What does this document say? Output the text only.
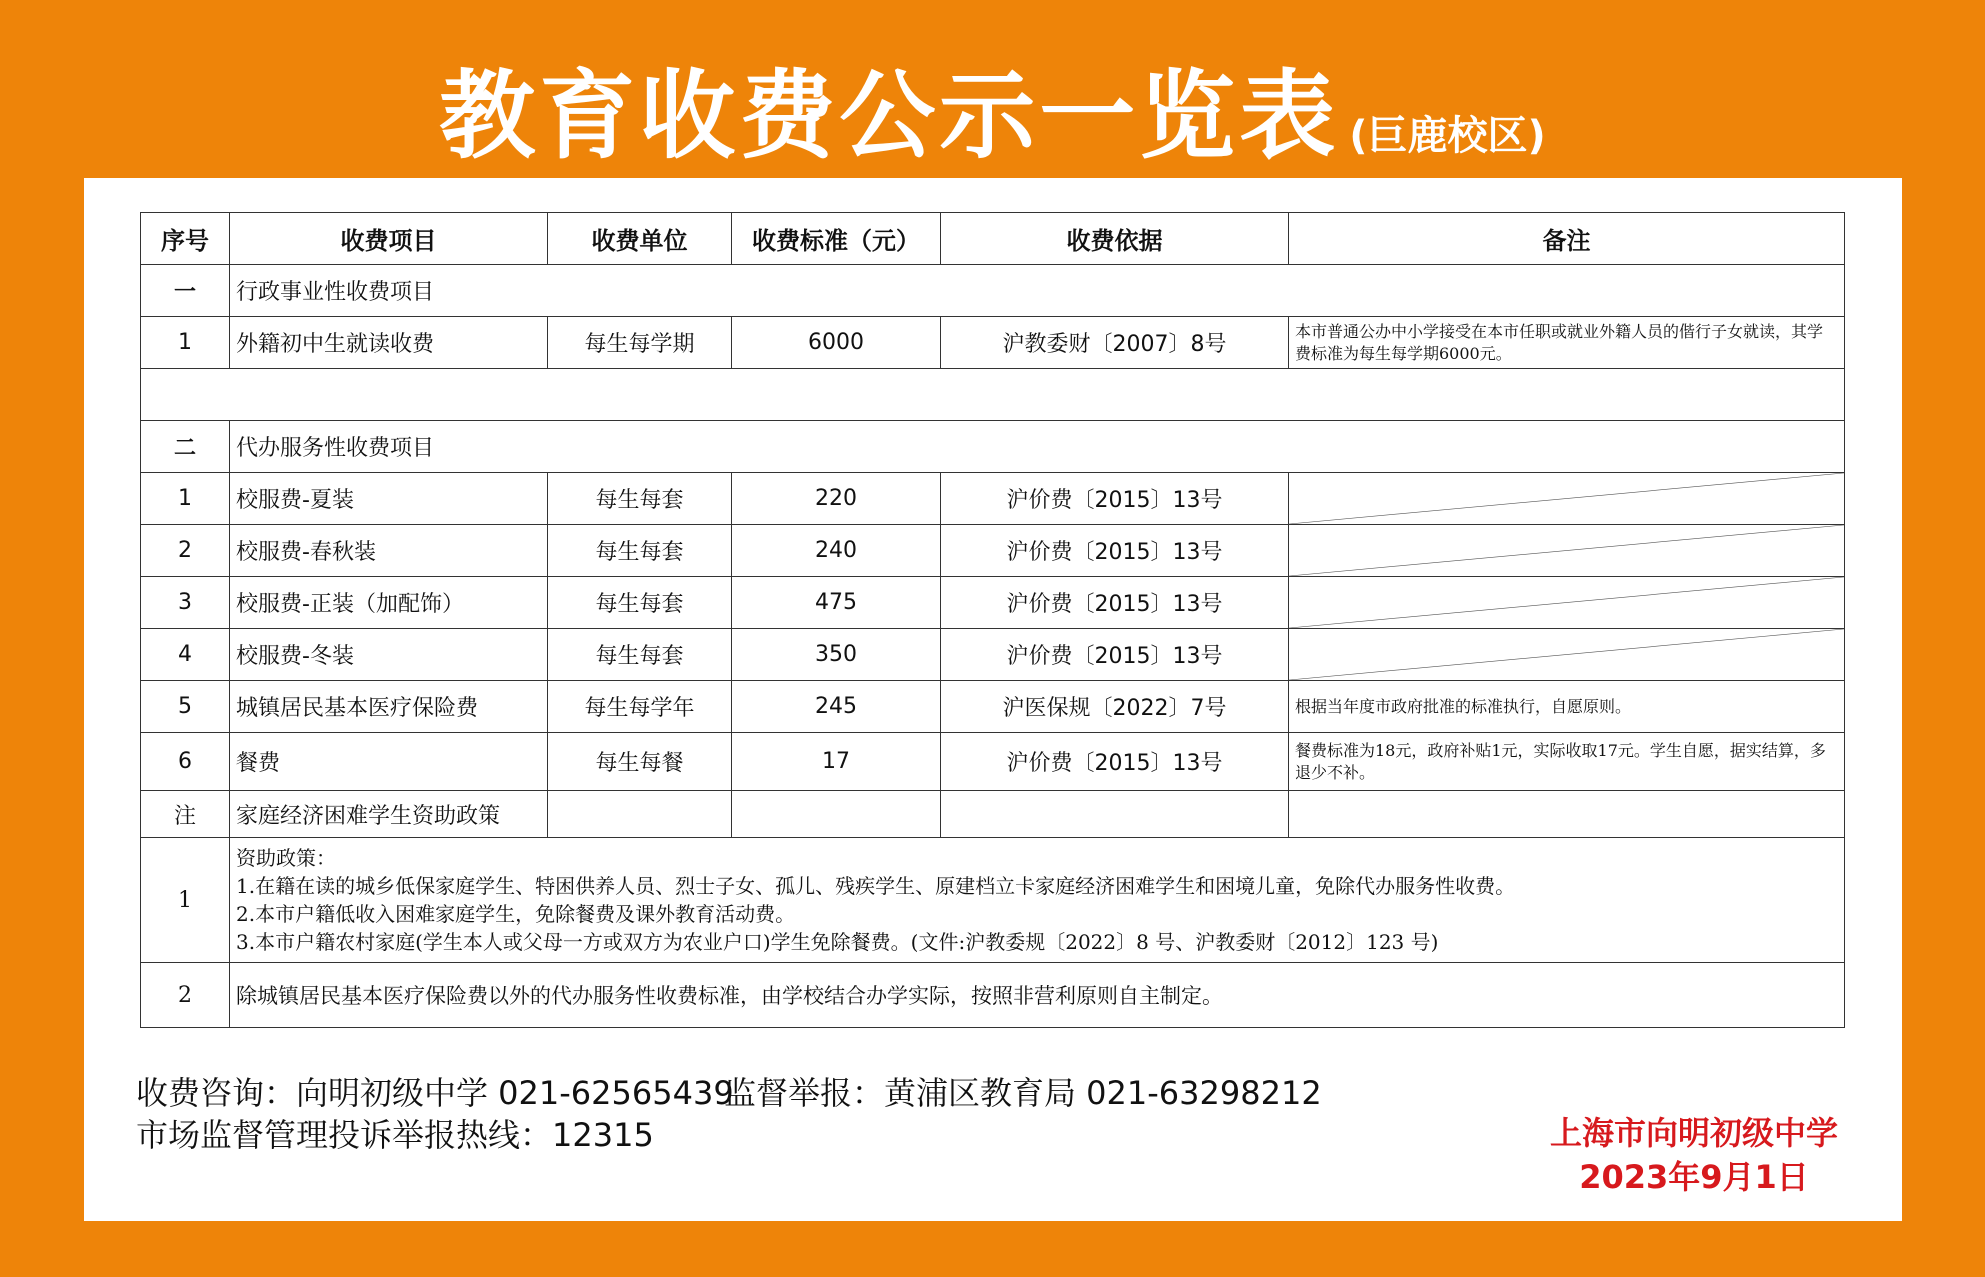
教育收费公示一览表 (巨鹿校区)
序号	收费项目	收费单位	收费标准（元）	收费依据	备注
一	行政事业性收费项目				
1	外籍初中生就读收费	每生每学期	6000	沪教委财〔2007〕8号	本市普通公办中小学接受在本市任职或就业外籍人员的偕行子女就读，其学费标准为每生每学期6000元。

二	代办服务性收费项目				
1	校服费-夏装	每生每套	220	沪价费〔2015〕13号	

2	校服费-春秋装	每生每套	240	沪价费〔2015〕13号	

3	校服费-正装（加配饰）	每生每套	475	沪价费〔2015〕13号	

4	校服费-冬装	每生每套	350	沪价费〔2015〕13号	

5	城镇居民基本医疗保险费	每生每学年	245	沪医保规〔2022〕7号	根据当年度市政府批准的标准执行，自愿原则。
6	餐费	每生每餐	17	沪价费〔2015〕13号	餐费标准为18元，政府补贴1元，实际收取17元。学生自愿，据实结算，多退少不补。
注	家庭经济困难学生资助政策				
1	资助政策：
1.在籍在读的城乡低保家庭学生、特困供养人员、烈士子女、孤儿、残疾学生、原建档立卡家庭经济困难学生和困境儿童，免除代办服务性收费。
2.本市户籍低收入困难家庭学生，免除餐费及课外教育活动费。
3.本市户籍农村家庭(学生本人或父母一方或双方为农业户口)学生免除餐费。(文件:沪教委规〔2022〕8 号、沪教委财〔2012〕123 号)				

2	除城镇居民基本医疗保险费以外的代办服务性收费标准，由学校结合办学实际，按照非营利原则自主制定。				
收费咨询：向明初级中学 021-62565439
监督举报：黄浦区教育局 021-63298212
市场监督管理投诉举报热线：12315	上海市向明初级中学
2023年9月1日
